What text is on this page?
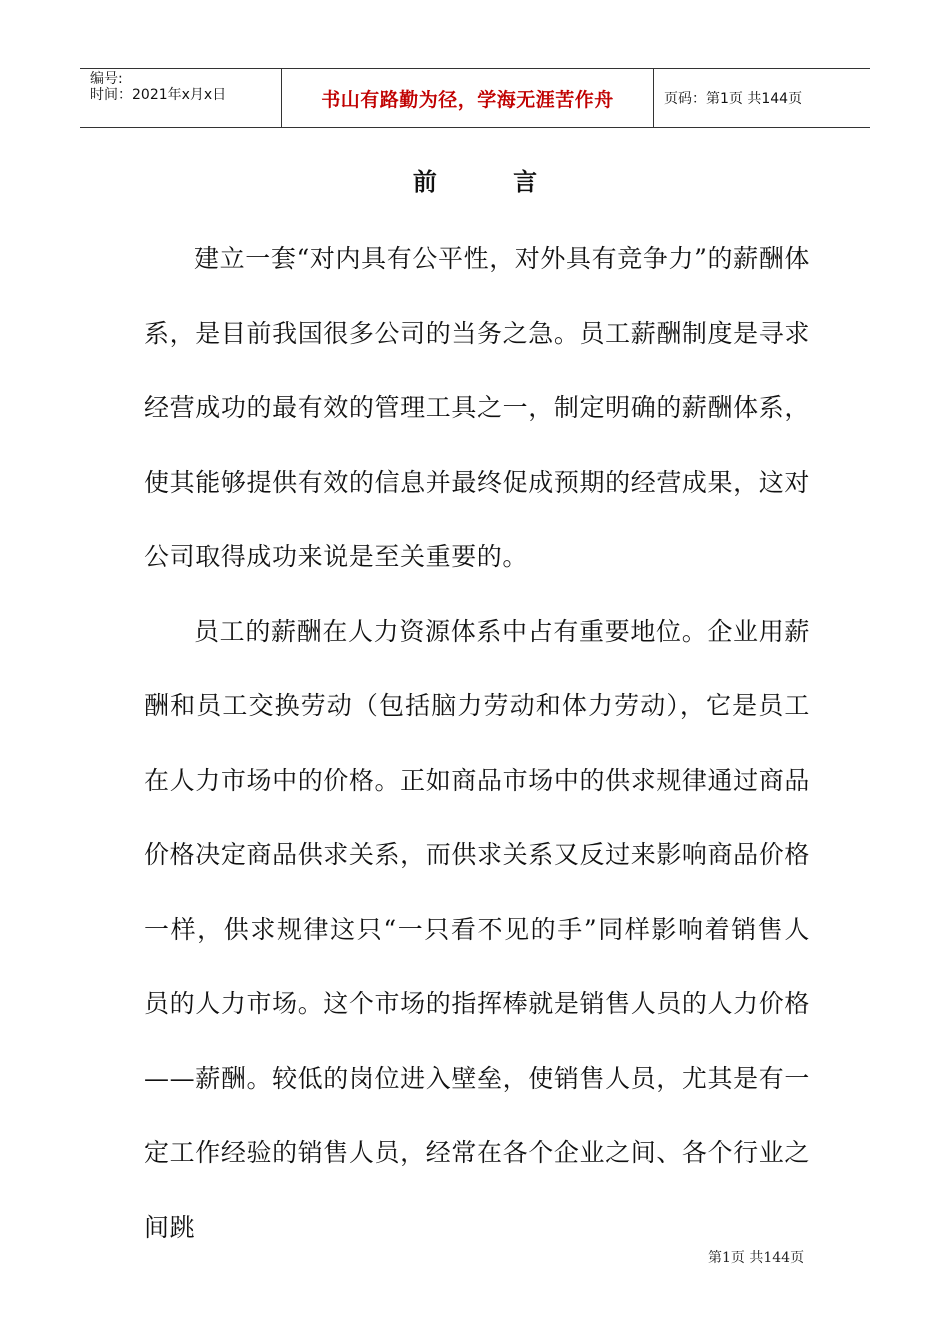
编号:
时间：2021年x月x日	书山有路勤为径，学海无涯苦作舟	页码：第1页 共144页
前 言

建立一套“对内具有公平性，对外具有竞争力”的薪酬体系，是目前我国很多公司的当务之急。员工薪酬制度是寻求经营成功的最有效的管理工具之一，制定明确的薪酬体系，使其能够提供有效的信息并最终促成预期的经营成果，这对公司取得成功来说是至关重要的。

员工的薪酬在人力资源体系中占有重要地位。企业用薪酬和员工交换劳动（包括脑力劳动和体力劳动），它是员工在人力市场中的价格。正如商品市场中的供求规律通过商品价格决定商品供求关系，而供求关系又反过来影响商品价格一样，供求规律这只“一只看不见的手”同样影响着销售人员的人力市场。这个市场的指挥棒就是销售人员的人力价格——薪酬。较低的岗位进入壁垒，使销售人员，尤其是有一定工作经验的销售人员，经常在各个企业之间、各个行业之间跳

第1页 共144页
